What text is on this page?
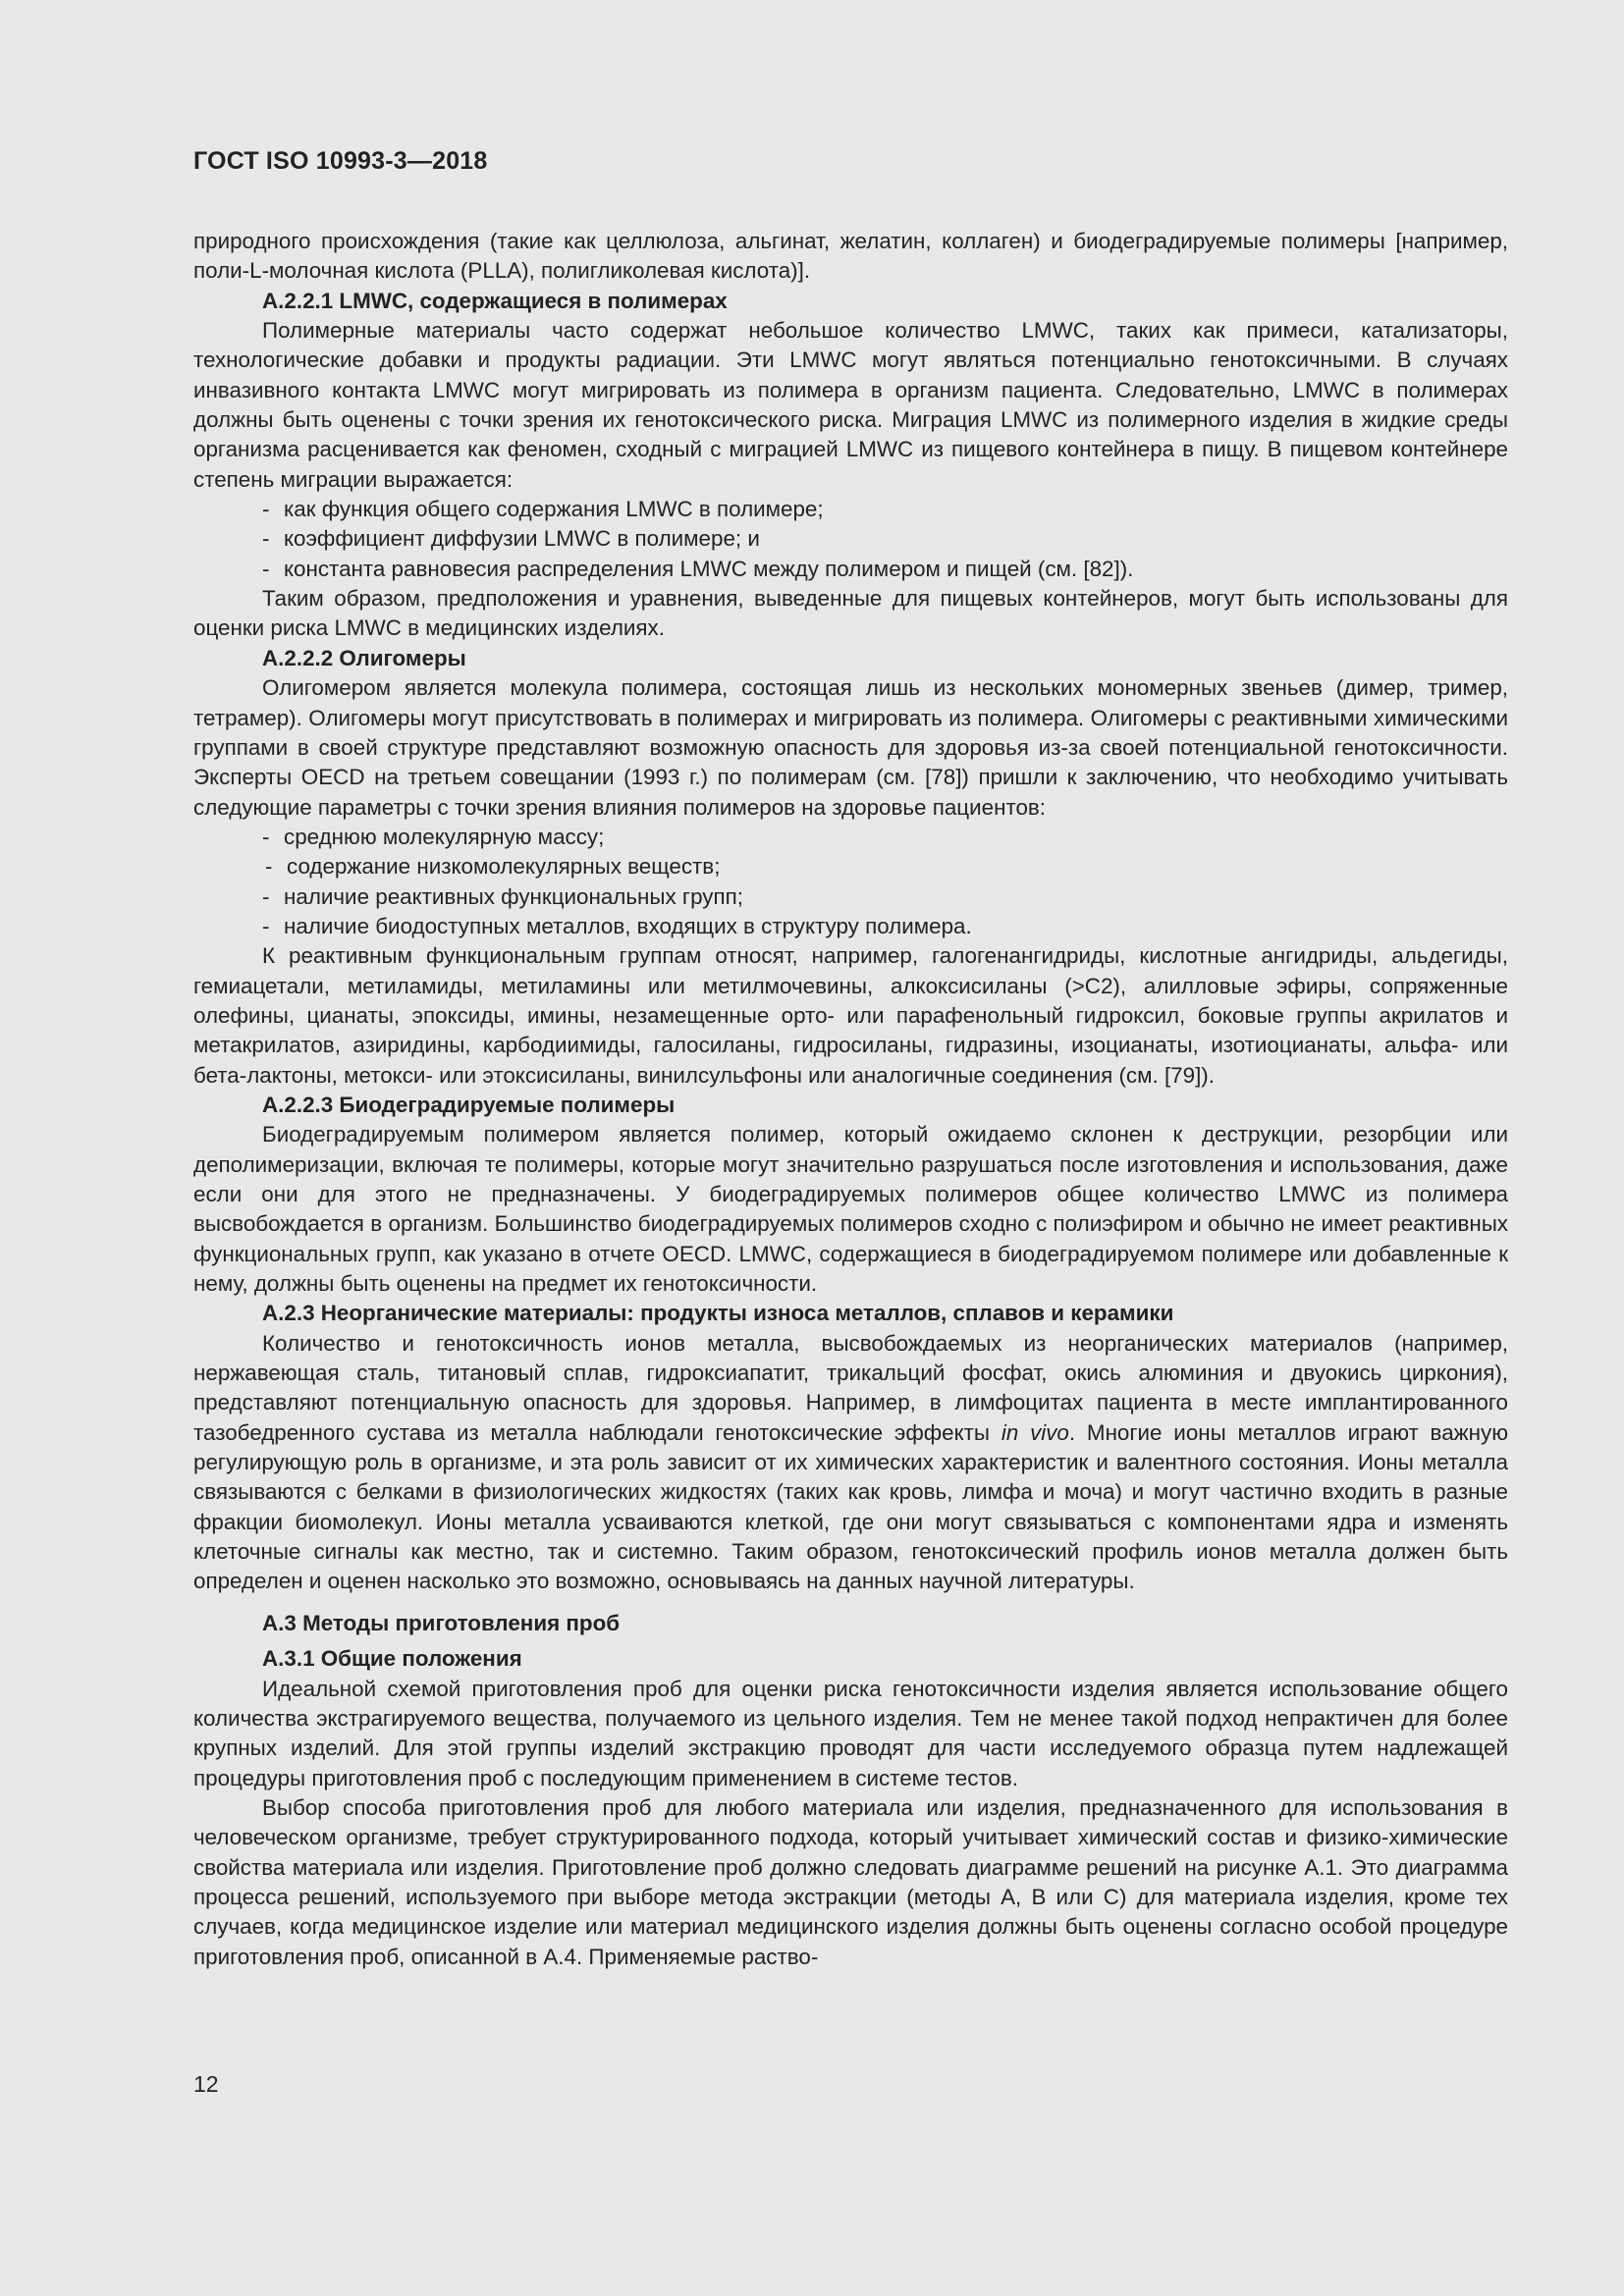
ГОСТ ISO 10993-3—2018

природного происхождения (такие как целлюлоза, альгинат, желатин, коллаген) и биодеградируемые полимеры [например, поли-L-молочная кислота (PLLA), полигликолевая кислота)].

A.2.2.1 LMWC, содержащиеся в полимерах

Полимерные материалы часто содержат небольшое количество LMWC, таких как примеси, катализаторы, технологические добавки и продукты радиации. Эти LMWC могут являться потенциально генотоксичными. В случаях инвазивного контакта LMWC могут мигрировать из полимера в организм пациента. Следовательно, LMWC в полимерах должны быть оценены с точки зрения их генотоксического риска. Миграция LMWC из полимерного изделия в жидкие среды организма расценивается как феномен, сходный с миграцией LMWC из пищевого контейнера в пищу. В пищевом контейнере степень миграции выражается:

- как функция общего содержания LMWC в полимере;

- коэффициент диффузии LMWC в полимере; и

- константа равновесия распределения LMWC между полимером и пищей (см. [82]).

Таким образом, предположения и уравнения, выведенные для пищевых контейнеров, могут быть использованы для оценки риска LMWC в медицинских изделиях.

А.2.2.2 Олигомеры

Олигомером является молекула полимера, состоящая лишь из нескольких мономерных звеньев (димер, тример, тетрамер). Олигомеры могут присутствовать в полимерах и мигрировать из полимера. Олигомеры с реактивными химическими группами в своей структуре представляют возможную опасность для здоровья из-за своей потенциальной генотоксичности. Эксперты OECD на третьем совещании (1993 г.) по полимерам (см. [78]) пришли к заключению, что необходимо учитывать следующие параметры с точки зрения влияния полимеров на здоровье пациентов:

- среднюю молекулярную массу;

- содержание низкомолекулярных веществ;

- наличие реактивных функциональных групп;

- наличие биодоступных металлов, входящих в структуру полимера.

К реактивным функциональным группам относят, например, галогенангидриды, кислотные ангидриды, альдегиды, гемиацетали, метиламиды, метиламины или метилмочевины, алкоксисиланы (>С2), алилловые эфиры, сопряженные олефины, цианаты, эпоксиды, имины, незамещенные орто- или парафенольный гидроксил, боковые группы акрилатов и метакрилатов, азиридины, карбодиимиды, галосиланы, гидросиланы, гидразины, изоцианаты, изотиоцианаты, альфа- или бета-лактоны, метокси- или этоксисиланы, винилсульфоны или аналогичные соединения (см. [79]).

А.2.2.3 Биодеградируемые полимеры

Биодеградируемым полимером является полимер, который ожидаемо склонен к деструкции, резорбции или деполимеризации, включая те полимеры, которые могут значительно разрушаться после изготовления и использования, даже если они для этого не предназначены. У биодеградируемых полимеров общее количество LMWC из полимера высвобождается в организм. Большинство биодеградируемых полимеров сходно с полиэфиром и обычно не имеет реактивных функциональных групп, как указано в отчете OECD. LMWC, содержащиеся в биодеградируемом полимере или добавленные к нему, должны быть оценены на предмет их генотоксичности.

А.2.3 Неорганические материалы: продукты износа металлов, сплавов и керамики

Количество и генотоксичность ионов металла, высвобождаемых из неорганических материалов (например, нержавеющая сталь, титановый сплав, гидроксиапатит, трикальций фосфат, окись алюминия и двуокись циркония), представляют потенциальную опасность для здоровья. Например, в лимфоцитах пациента в месте имплантированного тазобедренного сустава из металла наблюдали генотоксические эффекты in vivo. Многие ионы металлов играют важную регулирующую роль в организме, и эта роль зависит от их химических характеристик и валентного состояния. Ионы металла связываются с белками в физиологических жидкостях (таких как кровь, лимфа и моча) и могут частично входить в разные фракции биомолекул. Ионы металла усваиваются клеткой, где они могут связываться с компонентами ядра и изменять клеточные сигналы как местно, так и системно. Таким образом, генотоксический профиль ионов металла должен быть определен и оценен насколько это возможно, основываясь на данных научной литературы.

А.3 Методы приготовления проб

А.3.1 Общие положения

Идеальной схемой приготовления проб для оценки риска генотоксичности изделия является использование общего количества экстрагируемого вещества, получаемого из цельного изделия. Тем не менее такой подход непрактичен для более крупных изделий. Для этой группы изделий экстракцию проводят для части исследуемого образца путем надлежащей процедуры приготовления проб с последующим применением в системе тестов.

Выбор способа приготовления проб для любого материала или изделия, предназначенного для использования в человеческом организме, требует структурированного подхода, который учитывает химический состав и физико-химические свойства материала или изделия. Приготовление проб должно следовать диаграмме решений на рисунке А.1. Это диаграмма процесса решений, используемого при выборе метода экстракции (методы А, В или С) для материала изделия, кроме тех случаев, когда медицинское изделие или материал медицинского изделия должны быть оценены согласно особой процедуре приготовления проб, описанной в А.4. Применяемые раство-

12
